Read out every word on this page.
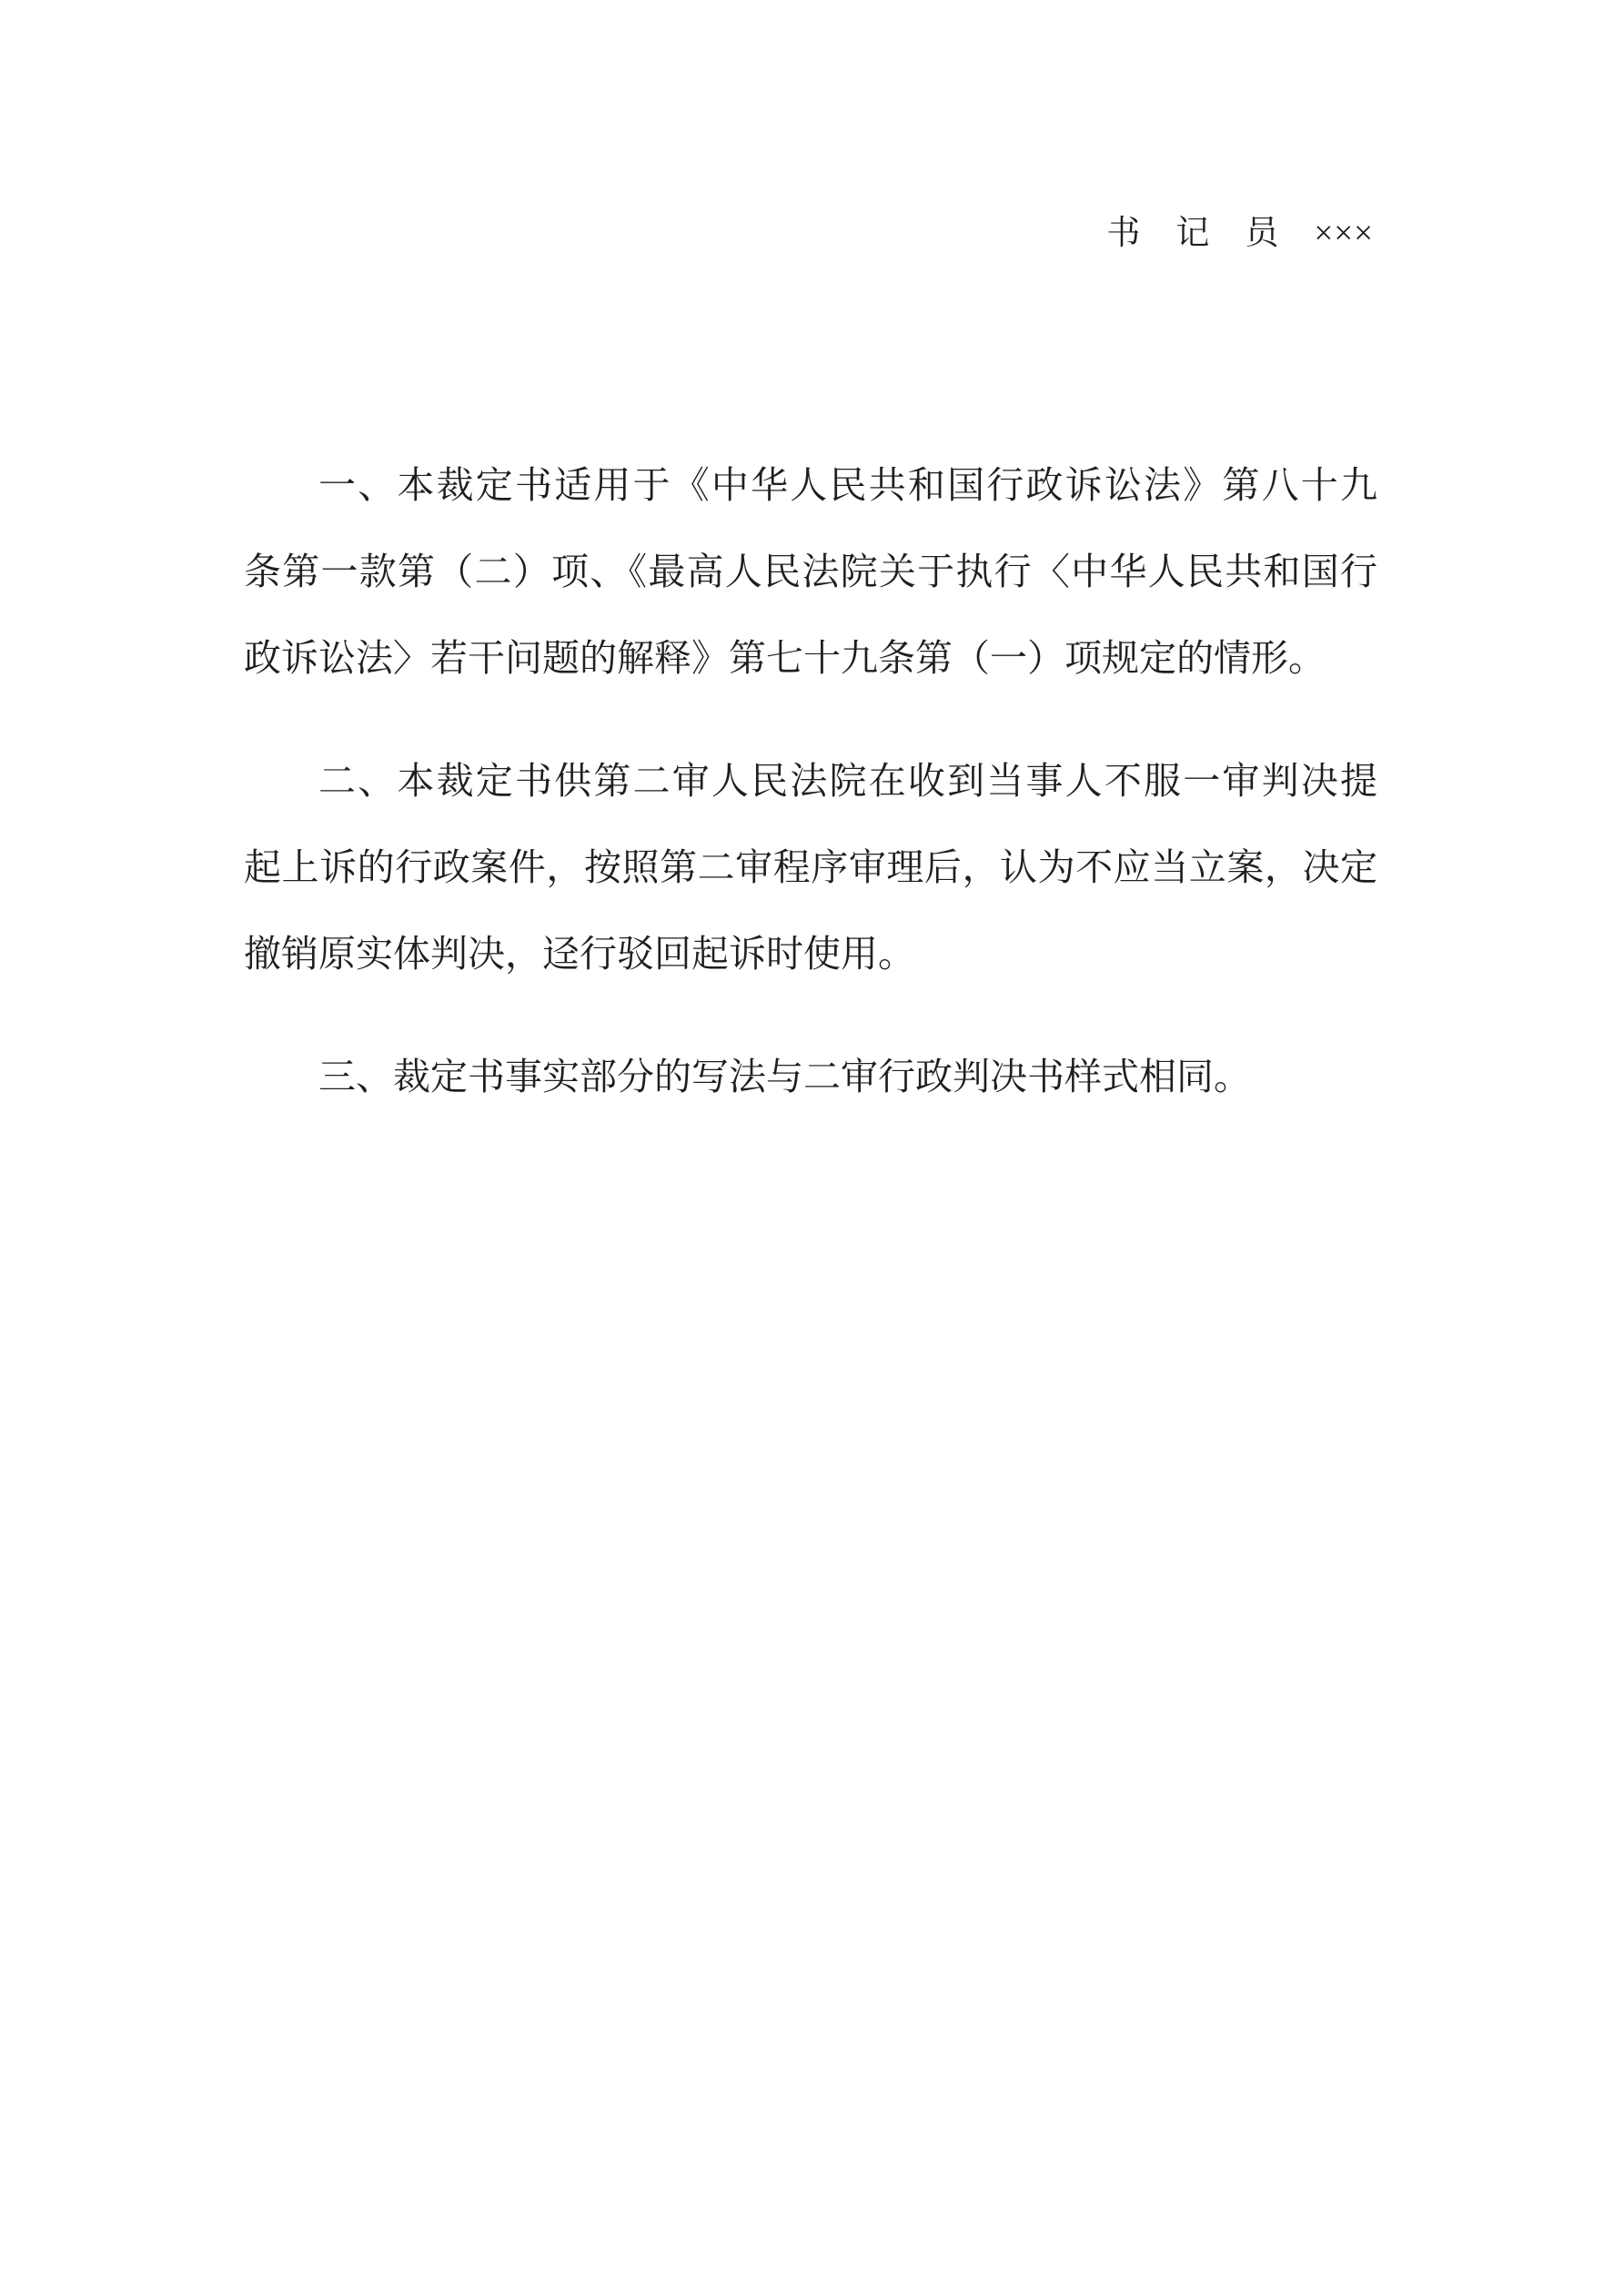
书　记　员　×××
一、本裁定书适用于《中华人民共和国行政诉讼法》第八十九
条第一款第（二）项、《最高人民法院关于执行〈中华人民共和国行
政诉讼法〉若干问题的解释》第七十九条第（一）项规定的情形。
二、本裁定书供第二审人民法院在收到当事人不服一审判决提
起上诉的行政案件，按照第二审程序审理后，认为不应当立案，决定
撤销原实体判决，迳行驳回起诉时使用。
三、裁定书事实部分的写法与二审行政判决书样式相同。
